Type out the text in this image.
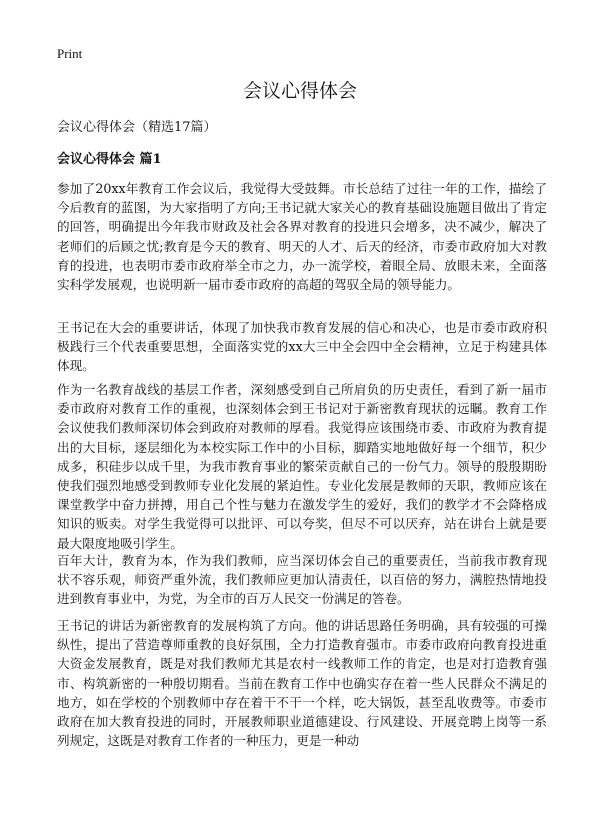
Print
会议心得体会

会议心得体会（精选17篇）

会议心得体会 篇1

参加了20xx年教育工作会议后，我觉得大受鼓舞。市长总结了过往一年的工作，描绘了今后教育的蓝图，为大家指明了方向;王书记就大家关心的教育基础设施题目做出了肯定的回答，明确提出今年我市财政及社会各界对教育的投进只会增多，决不减少，解决了老师们的后顾之忧;教育是今天的教育、明天的人才、后天的经济，市委市政府加大对教育的投进，也表明市委市政府举全市之力，办一流学校，着眼全局、放眼未来，全面落实科学发展观，也说明新一届市委市政府的高超的驾驭全局的领导能力。

王书记在大会的重要讲话，体现了加快我市教育发展的信心和决心，也是市委市政府积极践行三个代表重要思想，全面落实党的xx大三中全会四中全会精神，立足于构建具体体现。

作为一名教育战线的基层工作者，深刻感受到自己所肩负的历史责任，看到了新一届市委市政府对教育工作的重视，也深刻体会到王书记对于新密教育现状的远瞩。教育工作会议使我们教师深切体会到政府对教师的厚看。我觉得应该围绕市委、市政府为教育提出的大目标，逐层细化为本校实际工作中的小目标，脚踏实地地做好每一个细节，积少成多，积硅步以成千里，为我市教育事业的繁荣贡献自己的一份气力。领导的殷殷期盼使我们强烈地感受到教师专业化发展的紧迫性。专业化发展是教师的天职，教师应该在课堂教学中奋力拼搏，用自己个性与魅力在激发学生的爱好，我们的教学才不会降格成知识的贩卖。对学生我觉得可以批评、可以夸奖，但尽不可以厌弃，站在讲台上就是要最大限度地吸引学生。

百年大计，教育为本，作为我们教师，应当深切体会自己的重要责任，当前我市教育现状不容乐观，师资严重外流，我们教师应更加认清责任，以百倍的努力，满腔热情地投进到教育事业中，为党，为全市的百万人民交一份满足的答卷。

王书记的讲话为新密教育的发展构筑了方向。他的讲话思路任务明确，具有较强的可操纵性，提出了营造尊师重教的良好氛围，全力打造教育强市。市委市政府向教育投进重大资金发展教育，既是对我们教师尤其是农村一线教师工作的肯定，也是对打造教育强市、构筑新密的一种殷切期看。当前在教育工作中也确实存在着一些人民群众不满足的地方，如在学校的个别教师中存在着干不干一个样，吃大锅饭，甚至乱收费等。市委市政府在加大教育投进的同时，开展教师职业道德建设、行风建设、开展竞聘上岗等一系列规定，这既是对教育工作者的一种压力，更是一种动
